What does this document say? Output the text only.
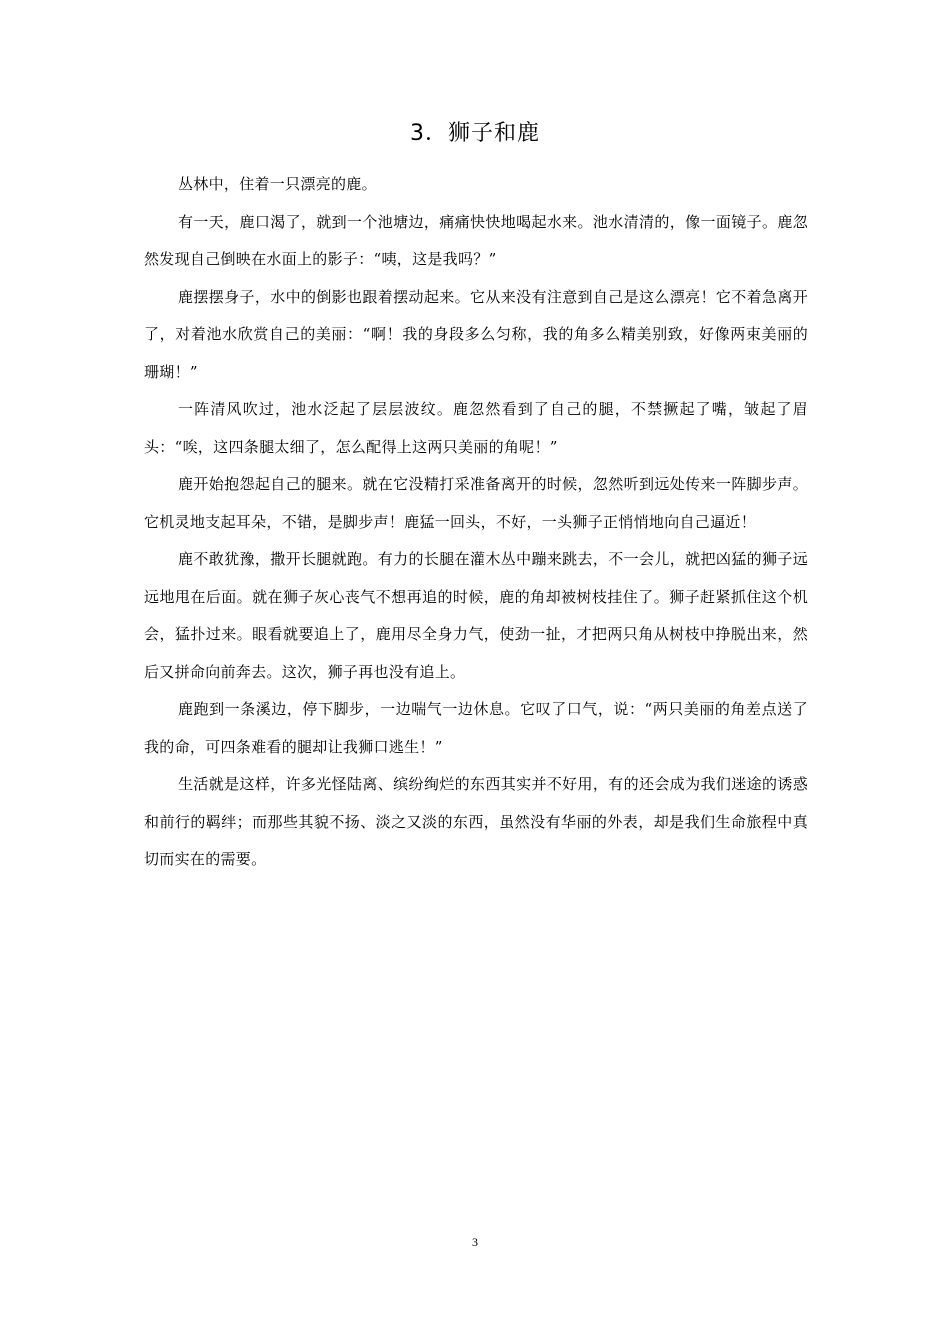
3．狮子和鹿

丛林中，住着一只漂亮的鹿。

有一天，鹿口渴了，就到一个池塘边，痛痛快快地喝起水来。池水清清的，像一面镜子。鹿忽然发现自己倒映在水面上的影子：“咦，这是我吗？”

鹿摆摆身子，水中的倒影也跟着摆动起来。它从来没有注意到自己是这么漂亮！它不着急离开了，对着池水欣赏自己的美丽：“啊！我的身段多么匀称，我的角多么精美别致，好像两束美丽的珊瑚！”

一阵清风吹过，池水泛起了层层波纹。鹿忽然看到了自己的腿，不禁撅起了嘴，皱起了眉头：“唉，这四条腿太细了，怎么配得上这两只美丽的角呢！”

鹿开始抱怨起自己的腿来。就在它没精打采准备离开的时候，忽然听到远处传来一阵脚步声。它机灵地支起耳朵，不错，是脚步声！鹿猛一回头，不好，一头狮子正悄悄地向自己逼近！

鹿不敢犹豫，撒开长腿就跑。有力的长腿在灌木丛中蹦来跳去，不一会儿，就把凶猛的狮子远远地甩在后面。就在狮子灰心丧气不想再追的时候，鹿的角却被树枝挂住了。狮子赶紧抓住这个机会，猛扑过来。眼看就要追上了，鹿用尽全身力气，使劲一扯，才把两只角从树枝中挣脱出来，然后又拼命向前奔去。这次，狮子再也没有追上。

鹿跑到一条溪边，停下脚步，一边喘气一边休息。它叹了口气，说：“两只美丽的角差点送了我的命，可四条难看的腿却让我狮口逃生！”

生活就是这样，许多光怪陆离、缤纷绚烂的东西其实并不好用，有的还会成为我们迷途的诱惑和前行的羁绊；而那些其貌不扬、淡之又淡的东西，虽然没有华丽的外表，却是我们生命旅程中真切而实在的需要。

3
